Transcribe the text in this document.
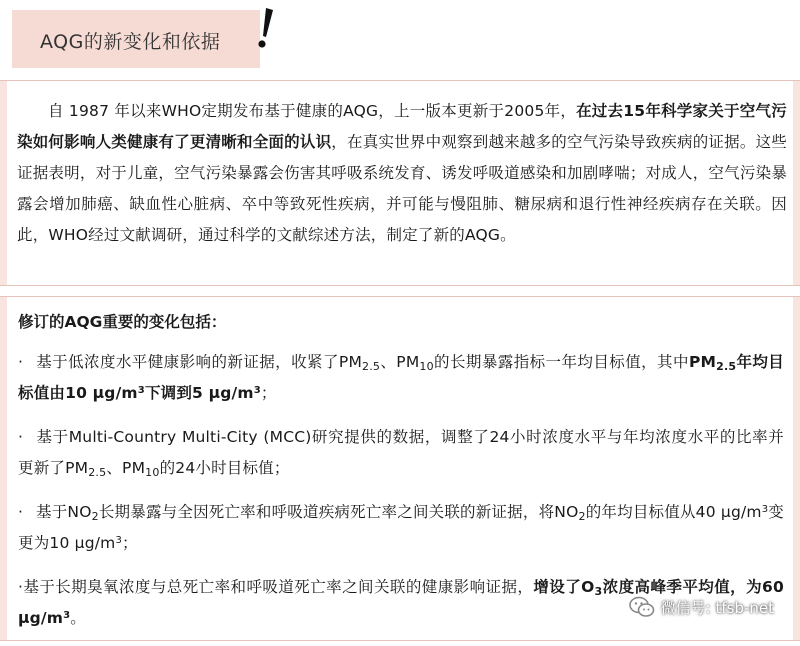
AQG的新变化和依据
自 1987 年以来WHO定期发布基于健康的AQG，上一版本更新于2005年，在过去15年科学家关于空气污染如何影响人类健康有了更清晰和全面的认识，在真实世界中观察到越来越多的空气污染导致疾病的证据。这些证据表明，对于儿童，空气污染暴露会伤害其呼吸系统发育、诱发呼吸道感染和加剧哮喘；对成人，空气污染暴露会增加肺癌、缺血性心脏病、卒中等致死性疾病，并可能与慢阻肺、糖尿病和退行性神经疾病存在关联。因此，WHO经过文献调研，通过科学的文献综述方法，制定了新的AQG。
修订的AQG重要的变化包括：
· 基于低浓度水平健康影响的新证据，收紧了$PM_{2.5}$、$PM_{10}$的长期暴露指标一年均目标值，其中$PM_{2.5}$年均目标值由10 $\mu g/m^3$下调到5 $\mu g/m^3$；
· 基于Multi-Country Multi-City (MCC)研究提供的数据，调整了24小时浓度水平与年均浓度水平的比率并更新了$PM_{2.5}$、$PM_{10}$的24小时目标值；
· 基于$NO_2$长期暴露与全因死亡率和呼吸道疾病死亡率之间关联的新证据，将$NO_2$的年均目标值从40 $\mu g/m^3$变更为10 $\mu g/m^3$；
·基于长期臭氧浓度与总死亡率和呼吸道死亡率之间关联的健康影响证据，增设了$O_3$浓度高峰季平均值，为60 $\mu g/m^3$。
微信号: tfsb-net
